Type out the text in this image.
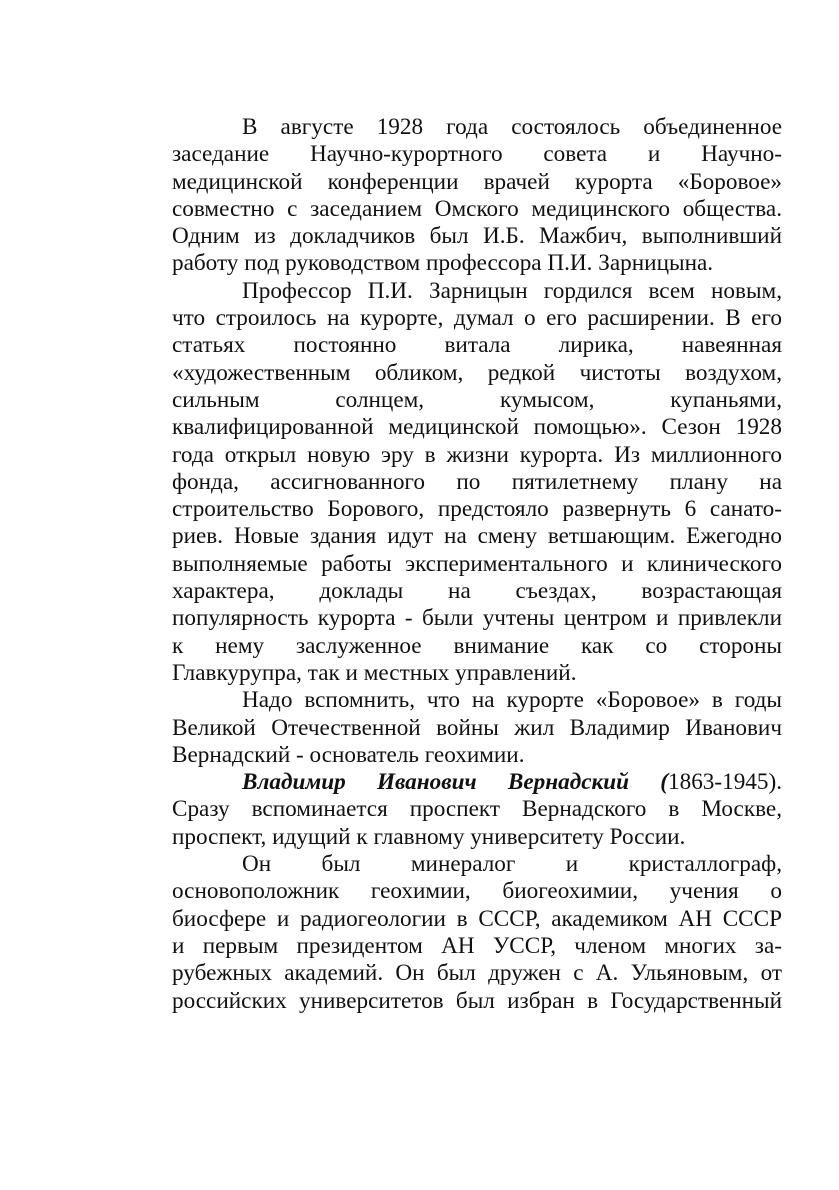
В августе 1928 года состоялось объединенное
заседание Научно-курортного совета и Научно-
медицинской конференции врачей курорта «Боровое»
совместно с заседанием Омского медицинского общества.
Одним из докладчиков был И.Б. Мажбич, выполнивший
работу под руководством профессора П.И. Зарницына.
Профессор П.И. Зарницын гордился всем новым,
что строилось на курорте, думал о его расширении. В его
статьях постоянно витала лирика, навеянная
«художественным обликом, редкой чистоты воздухом,
сильным солнцем, кумысом, купаньями,
квалифицированной медицинской помощью». Сезон 1928
года открыл новую эру в жизни курорта. Из миллионного
фонда, ассигнованного по пятилетнему плану на
строительство Борового, предстояло развернуть 6 санато-
риев. Новые здания идут на смену ветшающим. Ежегодно
выполняемые работы экспериментального и клинического
характера, доклады на съездах, возрастающая
популярность курорта - были учтены центром и привлекли
к нему заслуженное внимание как со стороны
Главкурупра, так и местных управлений.
Надо вспомнить, что на курорте «Боровое» в годы
Великой Отечественной войны жил Владимир Иванович
Вернадский - основатель геохимии.
Владимир Иванович Вернадский (1863-1945).
Сразу вспоминается проспект Вернадского в Москве,
проспект, идущий к главному университету России.
Он был минералог и кристаллограф,
основоположник геохимии, биогеохимии, учения о
биосфере и радиогеологии в СССР, академиком АН СССР
и первым президентом АН УССР, членом многих за-
рубежных академий. Он был дружен с А. Ульяновым, от
российских университетов был избран в Государственный
